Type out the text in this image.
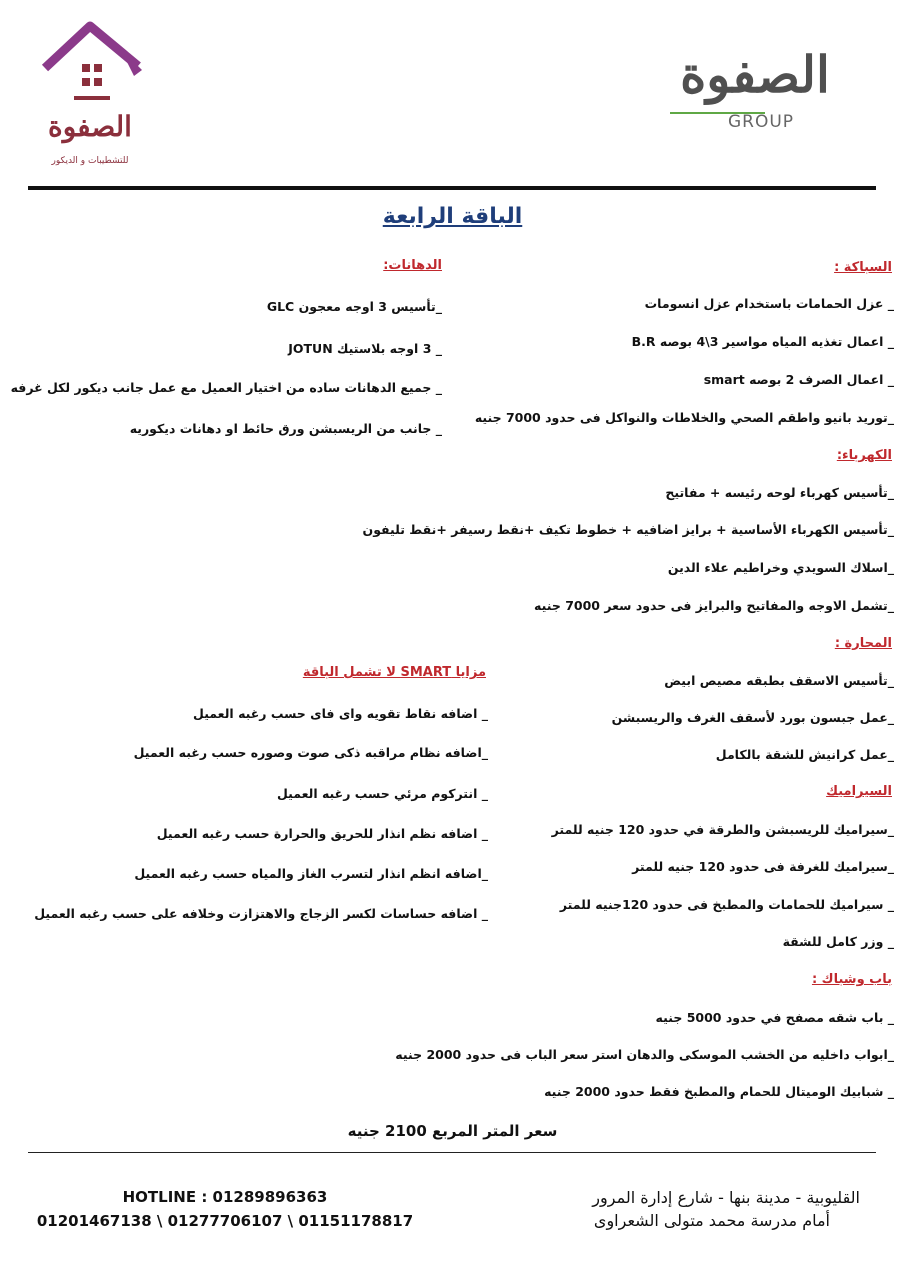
الصفوة
للتشطيبات و الديكور
الصفوة
GROUP
الباقة الرابعة
السباكة :
_ عزل الحمامات باستخدام عزل انسومات
_ اعمال تغذيه المياه مواسير 3\4 بوصه B.R
_ اعمال الصرف 2 بوصه smart
_توريد بانيو واطقم الصحي والخلاطات والنواكل فى حدود 7000 جنيه
الكهرباء:
_تأسيس كهرباء لوحه رئيسه + مفاتيح
_تأسيس الكهرباء الأساسية + برايز اضافيه + خطوط تكيف +نقط رسيفر +نقط تليفون
_اسلاك السويدي وخراطيم علاء الدين
_تشمل الاوجه والمفاتيح والبرايز فى حدود سعر 7000 جنيه
المحارة :
_تأسيس الاسقف بطبقه مصيص ابيض
_عمل جبسون بورد لأسقف الغرف والريسبشن
_عمل كرانيش للشقة بالكامل
السيراميك
_سيراميك للريسبشن والطرقة في حدود 120 جنيه للمتر
_سيراميك للغرفة فى حدود 120 جنيه للمتر
_ سيراميك للحمامات والمطبخ فى حدود 120جنيه للمتر
_ وزر كامل للشقة
باب وشباك :
_ باب شقه مصفح في حدود 5000 جنيه
_ابواب داخليه من الخشب الموسكى والدهان استر سعر الباب فى حدود 2000 جنيه
_ شبابيك الوميتال للحمام والمطبخ فقط حدود 2000 جنيه
الدهانات:
_تأسيس 3 اوجه معجون GLC
_ 3 اوجه بلاستيك JOTUN
_ جميع الدهانات ساده من اختيار العميل مع عمل جانب ديكور لكل غرفه
_ جانب من الريسبشن ورق حائط او دهانات ديكوريه
مزايا SMART لا تشمل الباقة
_ اضافه نقاط تقويه واى فاى حسب رغبه العميل
_اضافه نظام مراقبه ذكى صوت وصوره حسب رغبه العميل
_ انتركوم مرئي حسب رغبه العميل
_ اضافه نظم انذار للحريق والحرارة حسب رغبه العميل
_اضافه انظم انذار لتسرب الغاز والمياه حسب رغبه العميل
_ اضافه حساسات لكسر الزجاج والاهتزازت وخلافه على حسب رغبه العميل
سعر المتر المربع 2100 جنيه
HOTLINE : 01289896363
01201467138 \ 01277706107 \ 01151178817
القليوبية - مدينة بنها - شارع إدارة المرور
أمام مدرسة محمد متولى الشعراوى
